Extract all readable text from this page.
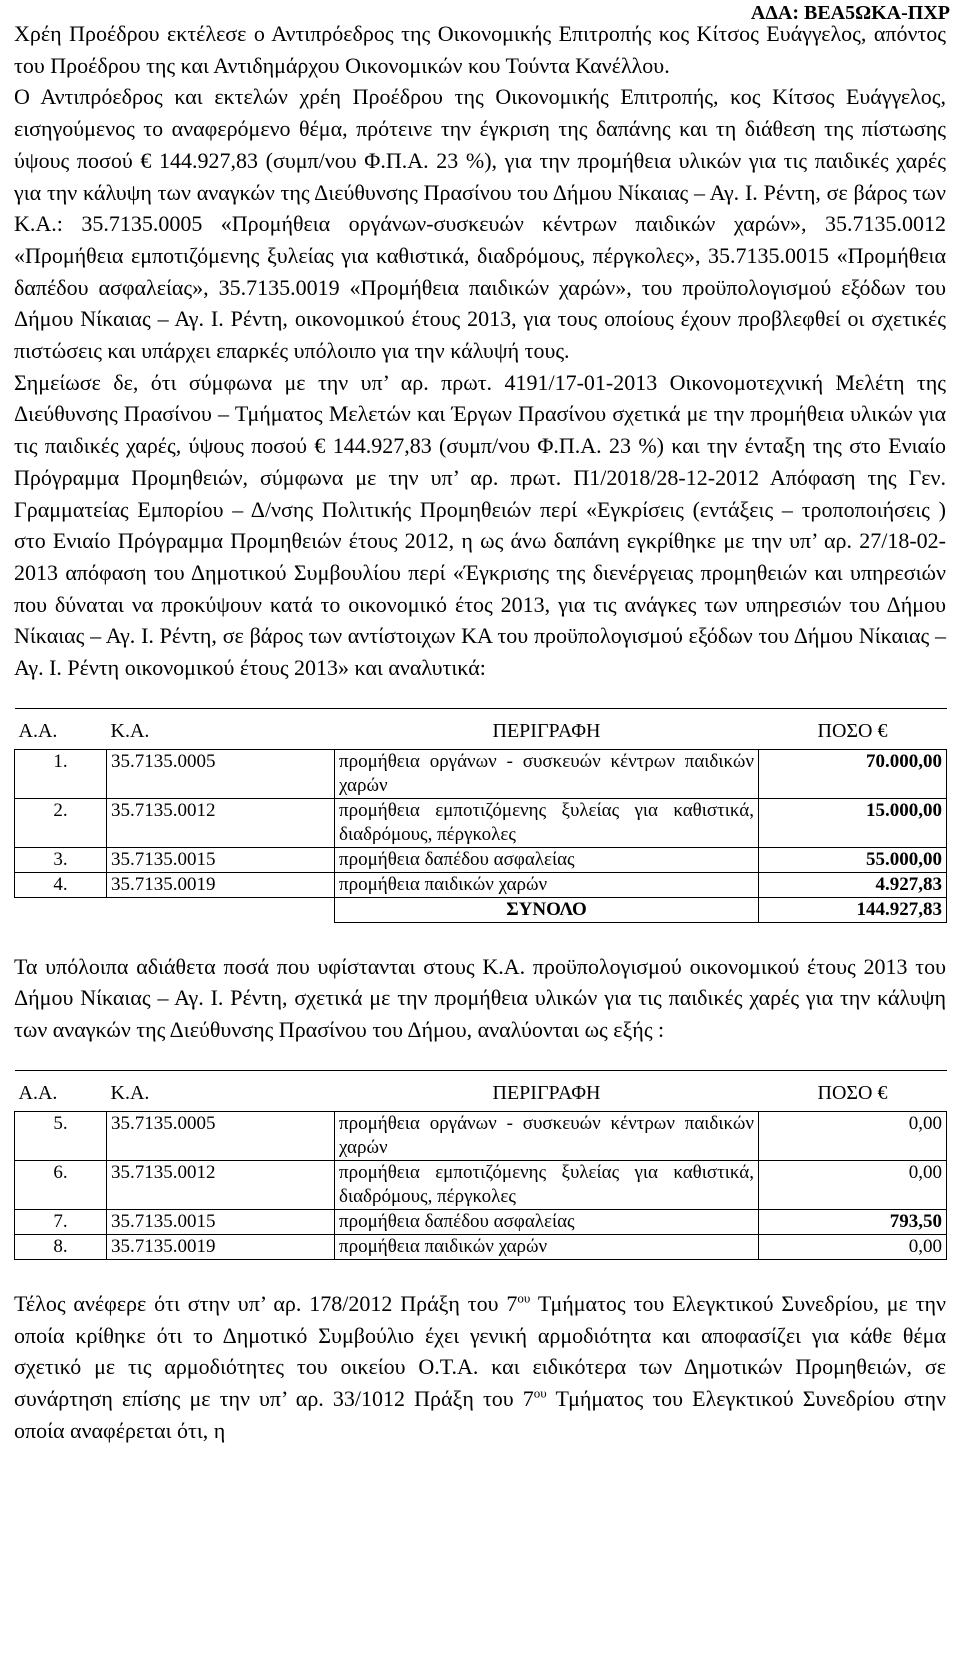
ΑΔΑ: ΒΕΑ5ΩΚΑ-ΠΧΡ

Χρέη Προέδρου εκτέλεσε ο Αντιπρόεδρος της Οικονομικής Επιτροπής κος Κίτσος Ευάγγελος, απόντος του Προέδρου της και Αντιδημάρχου Οικονομικών κου Τούντα Κανέλλου.

Ο Αντιπρόεδρος και εκτελών χρέη Προέδρου της Οικονομικής Επιτροπής, κος Κίτσος Ευάγγελος, εισηγούμενος το αναφερόμενο θέμα, πρότεινε την έγκριση της δαπάνης και τη διάθεση της πίστωσης ύψους ποσού € 144.927,83 (συμπ/νου Φ.Π.Α. 23 %), για την προμήθεια υλικών για τις παιδικές χαρές για την κάλυψη των αναγκών της Διεύθυνσης Πρασίνου του Δήμου Νίκαιας – Αγ. Ι. Ρέντη, σε βάρος των Κ.Α.: 35.7135.0005 «Προμήθεια οργάνων-συσκευών κέντρων παιδικών χαρών», 35.7135.0012 «Προμήθεια εμποτιζόμενης ξυλείας για καθιστικά, διαδρόμους, πέργκολες», 35.7135.0015 «Προμήθεια δαπέδου ασφαλείας», 35.7135.0019 «Προμήθεια παιδικών χαρών», του προϋπολογισμού εξόδων του Δήμου Νίκαιας – Αγ. Ι. Ρέντη, οικονομικού έτους 2013, για τους οποίους έχουν προβλεφθεί οι σχετικές πιστώσεις και υπάρχει επαρκές υπόλοιπο για την κάλυψή τους.

Σημείωσε δε, ότι σύμφωνα με την υπ’ αρ. πρωτ. 4191/17-01-2013 Οικονομοτεχνική Μελέτη της Διεύθυνσης Πρασίνου – Τμήματος Μελετών και Έργων Πρασίνου σχετικά με την προμήθεια υλικών για τις παιδικές χαρές, ύψους ποσού € 144.927,83 (συμπ/νου Φ.Π.Α. 23 %) και την ένταξη της στο Ενιαίο Πρόγραμμα Προμηθειών, σύμφωνα με την υπ’ αρ. πρωτ. Π1/2018/28-12-2012 Απόφαση της Γεν. Γραμματείας Εμπορίου – Δ/νσης Πολιτικής Προμηθειών περί «Εγκρίσεις (εντάξεις – τροποποιήσεις ) στο Ενιαίο Πρόγραμμα Προμηθειών έτους 2012, η ως άνω δαπάνη εγκρίθηκε με την υπ’ αρ. 27/18-02-2013 απόφαση του Δημοτικού Συμβουλίου περί «Έγκρισης της διενέργειας προμηθειών και υπηρεσιών που δύναται να προκύψουν κατά το οικονομικό έτος 2013, για τις ανάγκες των υπηρεσιών του Δήμου Νίκαιας – Αγ. Ι. Ρέντη, σε βάρος των αντίστοιχων ΚΑ του προϋπολογισμού εξόδων του Δήμου Νίκαιας – Αγ. Ι. Ρέντη οικονομικού έτους 2013» και αναλυτικά:

Α.Α.	Κ.Α.	ΠΕΡΙΓΡΑΦΗ	ΠΟΣΟ €
1.	35.7135.0005	προμήθεια οργάνων - συσκευών κέντρων παιδικών χαρών	70.000,00
2.	35.7135.0012	προμήθεια εμποτιζόμενης ξυλείας για καθιστικά, διαδρόμους, πέργκολες	15.000,00
3.	35.7135.0015	προμήθεια δαπέδου ασφαλείας	55.000,00
4.	35.7135.0019	προμήθεια παιδικών χαρών	4.927,83
		ΣΥΝΟΛΟ	144.927,83

Τα υπόλοιπα αδιάθετα ποσά που υφίστανται στους Κ.Α. προϋπολογισμού οικονομικού έτους 2013 του Δήμου Νίκαιας – Αγ. Ι. Ρέντη, σχετικά με την προμήθεια υλικών για τις παιδικές χαρές για την κάλυψη των αναγκών της Διεύθυνσης Πρασίνου του Δήμου, αναλύονται ως εξής :

Α.Α.	Κ.Α.	ΠΕΡΙΓΡΑΦΗ	ΠΟΣΟ €
5.	35.7135.0005	προμήθεια οργάνων - συσκευών κέντρων παιδικών χαρών	0,00
6.	35.7135.0012	προμήθεια εμποτιζόμενης ξυλείας για καθιστικά, διαδρόμους, πέργκολες	0,00
7.	35.7135.0015	προμήθεια δαπέδου ασφαλείας	793,50
8.	35.7135.0019	προμήθεια παιδικών χαρών	0,00

Τέλος ανέφερε ότι στην υπ’ αρ. 178/2012 Πράξη του $7^{o\upsilon}$ Τμήματος του Ελεγκτικού Συνεδρίου, με την οποία κρίθηκε ότι το Δημοτικό Συμβούλιο έχει γενική αρμοδιότητα και αποφασίζει για κάθε θέμα σχετικό με τις αρμοδιότητες του οικείου Ο.Τ.Α. και ειδικότερα των Δημοτικών Προμηθειών, σε συνάρτηση επίσης με την υπ’ αρ. 33/1012 Πράξη του $7^{o\upsilon}$ Τμήματος του Ελεγκτικού Συνεδρίου στην οποία αναφέρεται ότι, η
